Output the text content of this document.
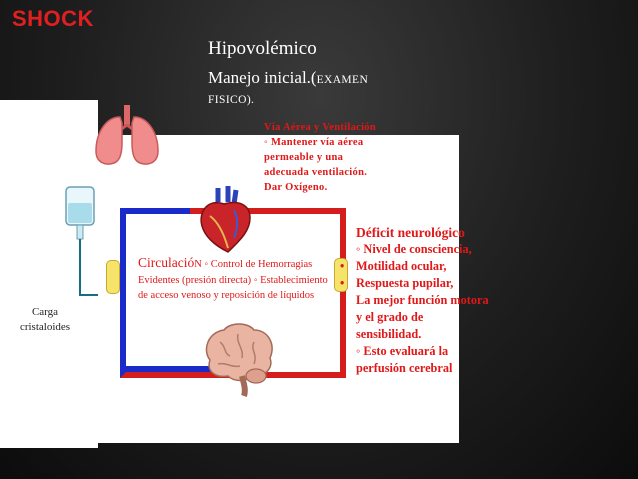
SHOCK
Hipovolémico
Manejo inicial.(EXAMEN
FISICO).
Vía Aérea y Ventilación
◦ Mantener vía aérea
permeable y una
adecuada ventilación.
Dar Oxígeno.
CirculacióN ◦ Control de Hemorragias Evidentes (presión directa) ◦ Establecimiento de acceso venoso y reposición de líquidos
• Déficit neurológico
• ◦ Nivel de consciencia,
• Motilidad ocular,
• Respuesta pupilar,
• La mejor función motora y el grado de sensibilidad.
• ◦ Esto evaluará la perfusión cerebral
Carga
cristaloides
